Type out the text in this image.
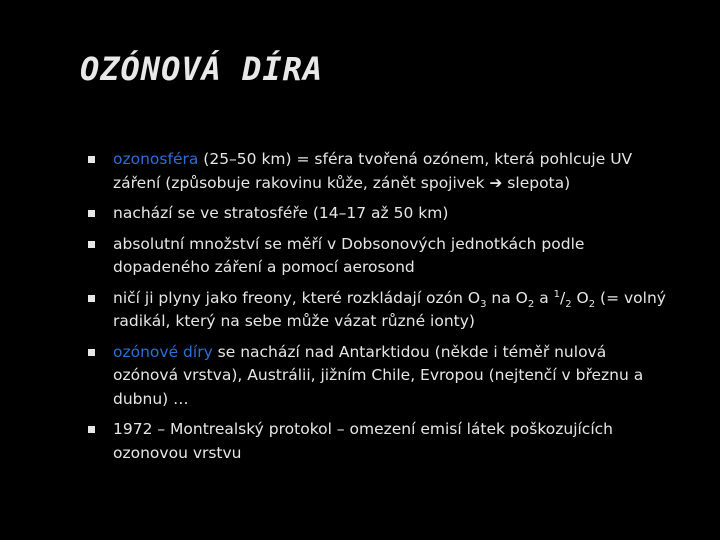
OZÓNOVÁ DÍRA
ozonosféra (25–50 km) = sféra tvořená ozónem, která pohlcuje UV záření (způsobuje rakovinu kůže, zánět spojivek ➔ slepota)
nachází se ve stratosféře (14–17 až 50 km)
absolutní množství se měří v Dobsonových jednotkách podle dopadeného záření a pomocí aerosond
ničí ji plyny jako freony, které rozkládají ozón $O_3$ na $O_2$ a $^1/_2$ $O_2$ (= volný radikál, který na sebe může vázat různé ionty)
ozónové díry se nachází nad Antarktidou (někde i téměř nulová ozónová vrstva), Austrálii, jižním Chile, Evropou (nejtenčí v březnu a dubnu) …
1972 – Montrealský protokol – omezení emisí látek poškozujících ozonovou vrstvu
